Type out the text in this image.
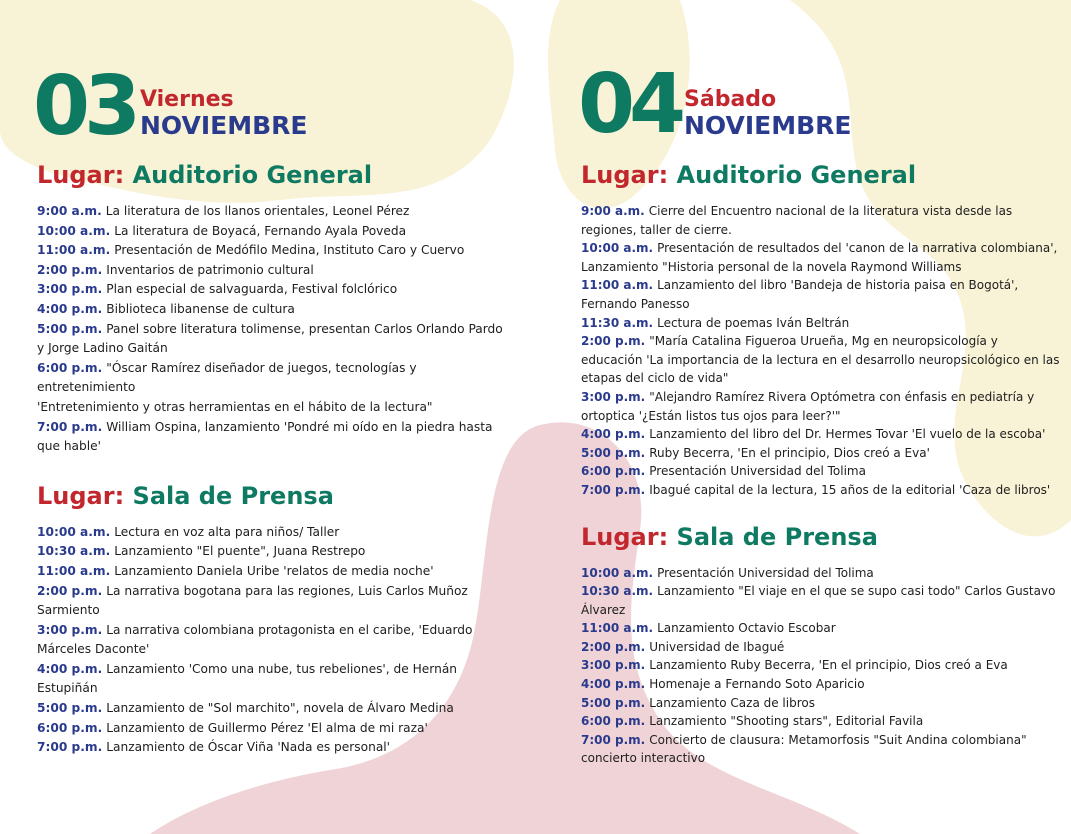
03 Viernes
NOVIEMBRE
Lugar: Auditorio General
9:00 a.m. La literatura de los llanos orientales, Leonel Pérez
10:00 a.m. La literatura de Boyacá, Fernando Ayala Poveda
11:00 a.m. Presentación de Medófilo Medina, Instituto Caro y Cuervo
2:00 p.m. Inventarios de patrimonio cultural
3:00 p.m. Plan especial de salvaguarda, Festival folclórico
4:00 p.m. Biblioteca libanense de cultura
5:00 p.m. Panel sobre literatura tolimense, presentan Carlos Orlando Pardo y Jorge Ladino Gaitán
6:00 p.m. "Óscar Ramírez diseñador de juegos, tecnologías y entretenimiento
'Entretenimiento y otras herramientas en el hábito de la lectura"
7:00 p.m. William Ospina, lanzamiento 'Pondré mi oído en la piedra hasta que hable'
Lugar: Sala de Prensa
10:00 a.m. Lectura en voz alta para niños/ Taller
10:30 a.m. Lanzamiento "El puente", Juana Restrepo
11:00 a.m. Lanzamiento Daniela Uribe 'relatos de media noche'
2:00 p.m. La narrativa bogotana para las regiones, Luis Carlos Muñoz Sarmiento
3:00 p.m. La narrativa colombiana protagonista en el caribe, 'Eduardo Márceles Daconte'
4:00 p.m. Lanzamiento 'Como una nube, tus rebeliones', de Hernán Estupiñán
5:00 p.m. Lanzamiento de "Sol marchito", novela de Álvaro Medina
6:00 p.m. Lanzamiento de Guillermo Pérez 'El alma de mi raza'
7:00 p.m. Lanzamiento de Óscar Viña 'Nada es personal'
04 Sábado
NOVIEMBRE
Lugar: Auditorio General
9:00 a.m. Cierre del Encuentro nacional de la literatura vista desde las regiones, taller de cierre.
10:00 a.m. Presentación de resultados del 'canon de la narrativa colombiana', Lanzamiento "Historia personal de la novela Raymond Williams
11:00 a.m. Lanzamiento del libro 'Bandeja de historia paisa en Bogotá', Fernando Panesso
11:30 a.m. Lectura de poemas Iván Beltrán
2:00 p.m. "María Catalina Figueroa Urueña, Mg en neuropsicología y educación 'La importancia de la lectura en el desarrollo neuropsicológico en las etapas del ciclo de vida"
3:00 p.m. "Alejandro Ramírez Rivera Optómetra con énfasis en pediatría y ortoptica '¿Están listos tus ojos para leer?'"
4:00 p.m. Lanzamiento del libro del Dr. Hermes Tovar 'El vuelo de la escoba'
5:00 p.m. Ruby Becerra, 'En el principio, Dios creó a Eva'
6:00 p.m. Presentación Universidad del Tolima
7:00 p.m. Ibagué capital de la lectura, 15 años de la editorial 'Caza de libros'
Lugar: Sala de Prensa
10:00 a.m. Presentación Universidad del Tolima
10:30 a.m. Lanzamiento "El viaje en el que se supo casi todo" Carlos Gustavo Álvarez
11:00 a.m. Lanzamiento Octavio Escobar
2:00 p.m. Universidad de Ibagué
3:00 p.m. Lanzamiento Ruby Becerra, 'En el principio, Dios creó a Eva
4:00 p.m. Homenaje a Fernando Soto Aparicio
5:00 p.m. Lanzamiento Caza de libros
6:00 p.m. Lanzamiento "Shooting stars", Editorial Favila
7:00 p.m. Concierto de clausura: Metamorfosis "Suit Andina colombiana" concierto interactivo
